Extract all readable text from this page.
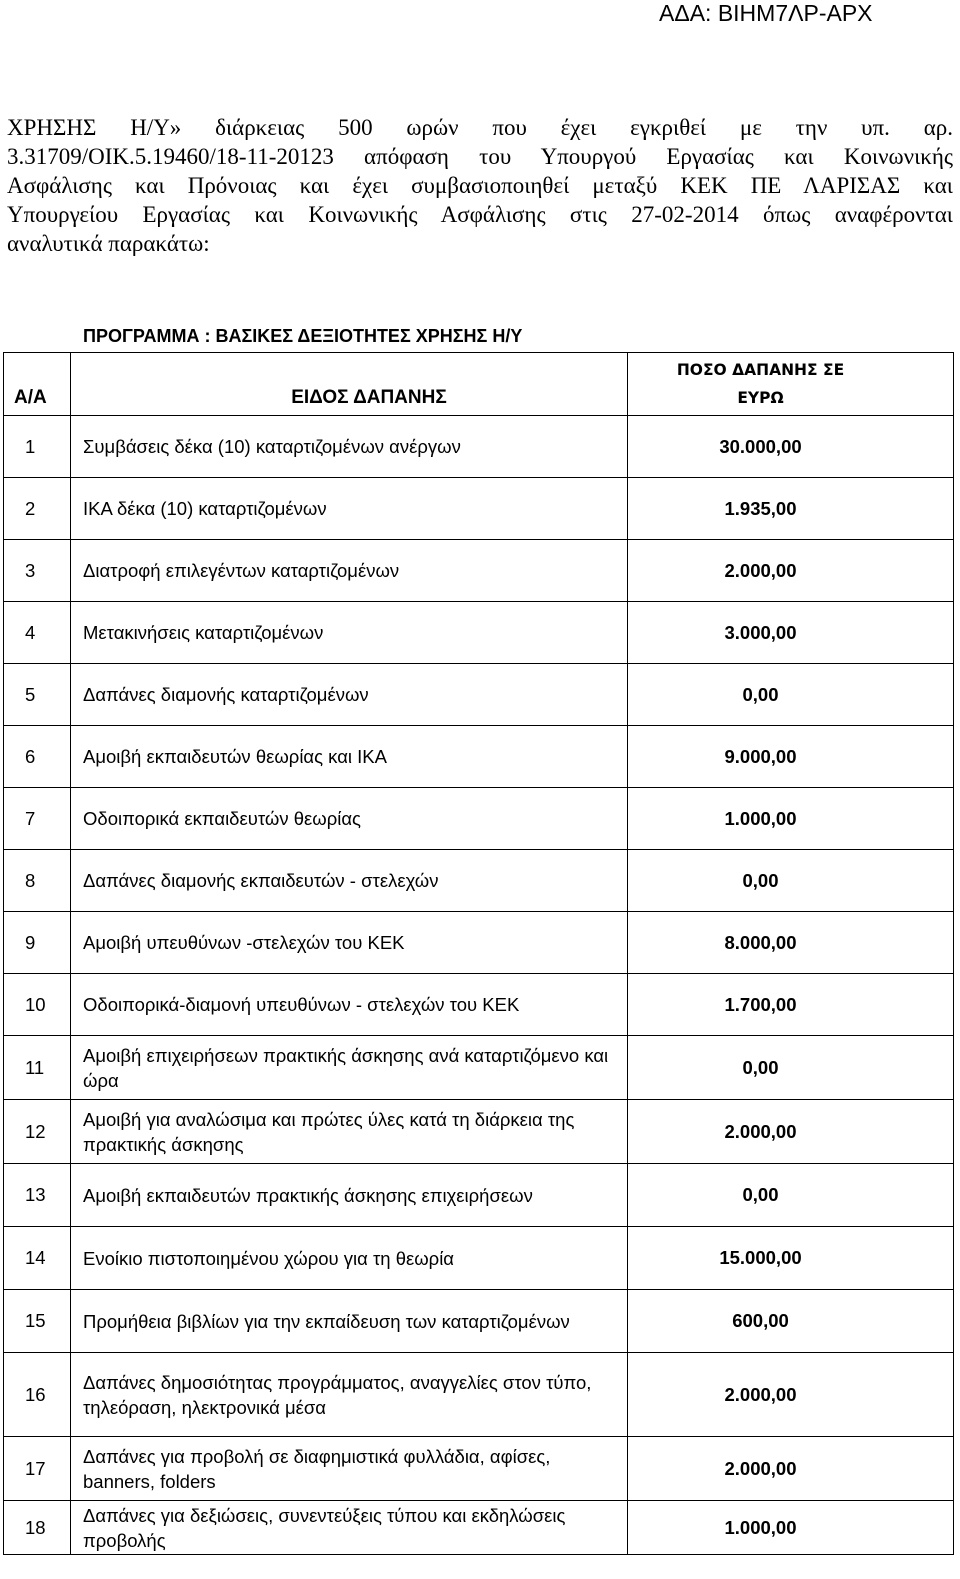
ΑΔΑ: ΒΙΗΜ7ΛΡ-ΑΡΧ
ΧΡΗΣΗΣ Η/Υ» διάρκειας 500 ωρών που έχει εγκριθεί με την υπ. αρ.
3.31709/ΟΙΚ.5.19460/18-11-20123 απόφαση του Υπουργού Εργασίας και Κοινωνικής
Ασφάλισης και Πρόνοιας και έχει συμβασιοποιηθεί μεταξύ ΚΕΚ ΠΕ ΛΑΡΙΣΑΣ και
Υπουργείου Εργασίας και Κοινωνικής Ασφάλισης στις 27-02-2014 όπως αναφέρονται
αναλυτικά παρακάτω:
ΠΡΟΓΡΑΜΜΑ : ΒΑΣΙΚΕΣ ΔΕΞΙΟΤΗΤΕΣ ΧΡΗΣΗΣ Η/Υ
Α/Α	ΕΙΔΟΣ ΔΑΠΑΝΗΣ	ΠΟΣΟ ΔΑΠΑΝΗΣ ΣΕ
ΕΥΡΩ
1	Συμβάσεις δέκα (10) καταρτιζομένων ανέργων	30.000,00
2	ΙΚΑ δέκα (10) καταρτιζομένων	1.935,00
3	Διατροφή επιλεγέντων καταρτιζομένων	2.000,00
4	Μετακινήσεις καταρτιζομένων	3.000,00
5	Δαπάνες διαμονής καταρτιζομένων	0,00
6	Αμοιβή εκπαιδευτών θεωρίας και ΙΚΑ	9.000,00
7	Οδοιπορικά εκπαιδευτών θεωρίας	1.000,00
8	Δαπάνες διαμονής εκπαιδευτών - στελεχών	0,00
9	Αμοιβή υπευθύνων -στελεχών του ΚΕΚ	8.000,00
10	Οδοιπορικά-διαμονή υπευθύνων - στελεχών του ΚΕΚ	1.700,00
11	Αμοιβή επιχειρήσεων πρακτικής άσκησης ανά καταρτιζόμενο και ώρα	0,00
12	Αμοιβή για αναλώσιμα και πρώτες ύλες κατά τη διάρκεια της πρακτικής άσκησης	2.000,00
13	Αμοιβή εκπαιδευτών πρακτικής άσκησης επιχειρήσεων	0,00
14	Ενοίκιο πιστοποιημένου χώρου για τη θεωρία	15.000,00
15	Προμήθεια βιβλίων για την εκπαίδευση των καταρτιζομένων	600,00
16	Δαπάνες δημοσιότητας προγράμματος, αναγγελίες στον τύπο, τηλεόραση, ηλεκτρονικά μέσα	2.000,00
17	Δαπάνες για προβολή σε διαφημιστικά φυλλάδια, αφίσες, banners, folders	2.000,00
18	Δαπάνες για δεξιώσεις, συνεντεύξεις τύπου και εκδηλώσεις προβολής	1.000,00
